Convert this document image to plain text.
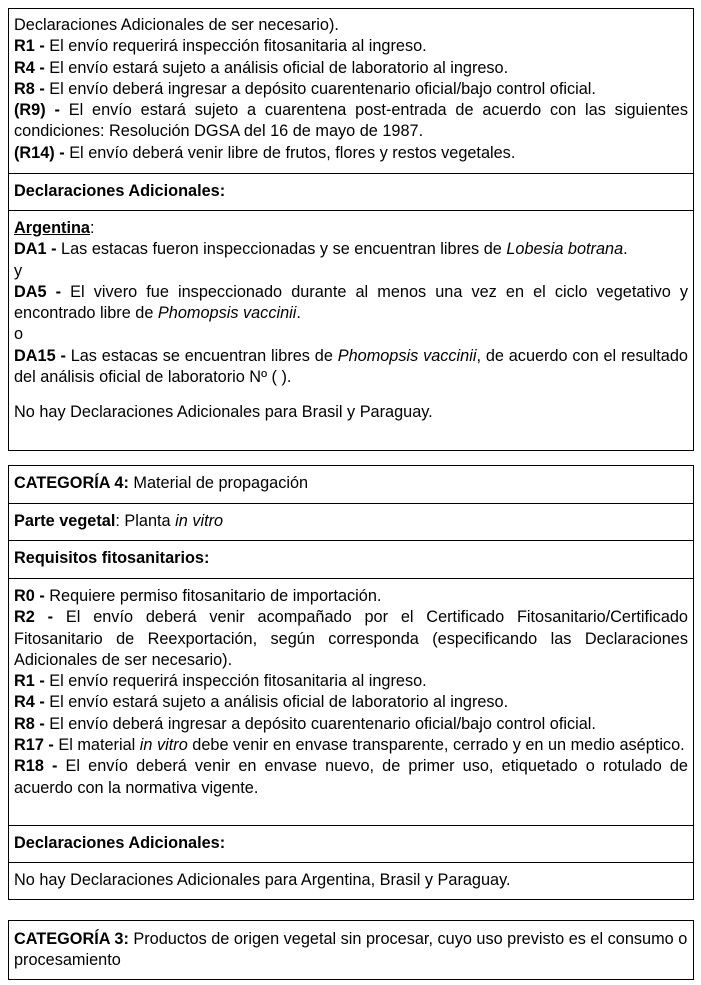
Declaraciones Adicionales de ser necesario).
R1 - El envío requerirá inspección fitosanitaria al ingreso.
R4 - El envío estará sujeto a análisis oficial de laboratorio al ingreso.
R8 - El envío deberá ingresar a depósito cuarentenario oficial/bajo control oficial.
(R9) - El envío estará sujeto a cuarentena post-entrada de acuerdo con las siguientes condiciones: Resolución DGSA del 16 de mayo de 1987.
(R14) - El envío deberá venir libre de frutos, flores y restos vegetales.
Declaraciones Adicionales:
Argentina:
DA1 - Las estacas fueron inspeccionadas y se encuentran libres de Lobesia botrana.
y
DA5 - El vivero fue inspeccionado durante al menos una vez en el ciclo vegetativo y encontrado libre de Phomopsis vaccinii.
o
DA15 - Las estacas se encuentran libres de Phomopsis vaccinii, de acuerdo con el resultado del análisis oficial de laboratorio Nº ( ).
No hay Declaraciones Adicionales para Brasil y Paraguay.
CATEGORÍA 4: Material de propagación
Parte vegetal: Planta in vitro
Requisitos fitosanitarios:
R0 - Requiere permiso fitosanitario de importación.
R2 - El envío deberá venir acompañado por el Certificado Fitosanitario/Certificado Fitosanitario de Reexportación, según corresponda (especificando las Declaraciones Adicionales de ser necesario).
R1 - El envío requerirá inspección fitosanitaria al ingreso.
R4 - El envío estará sujeto a análisis oficial de laboratorio al ingreso.
R8 - El envío deberá ingresar a depósito cuarentenario oficial/bajo control oficial.
R17 - El material in vitro debe venir en envase transparente, cerrado y en un medio aséptico.
R18 - El envío deberá venir en envase nuevo, de primer uso, etiquetado o rotulado de acuerdo con la normativa vigente.
Declaraciones Adicionales:
No hay Declaraciones Adicionales para Argentina, Brasil y Paraguay.
CATEGORÍA 3: Productos de origen vegetal sin procesar, cuyo uso previsto es el consumo o procesamiento
